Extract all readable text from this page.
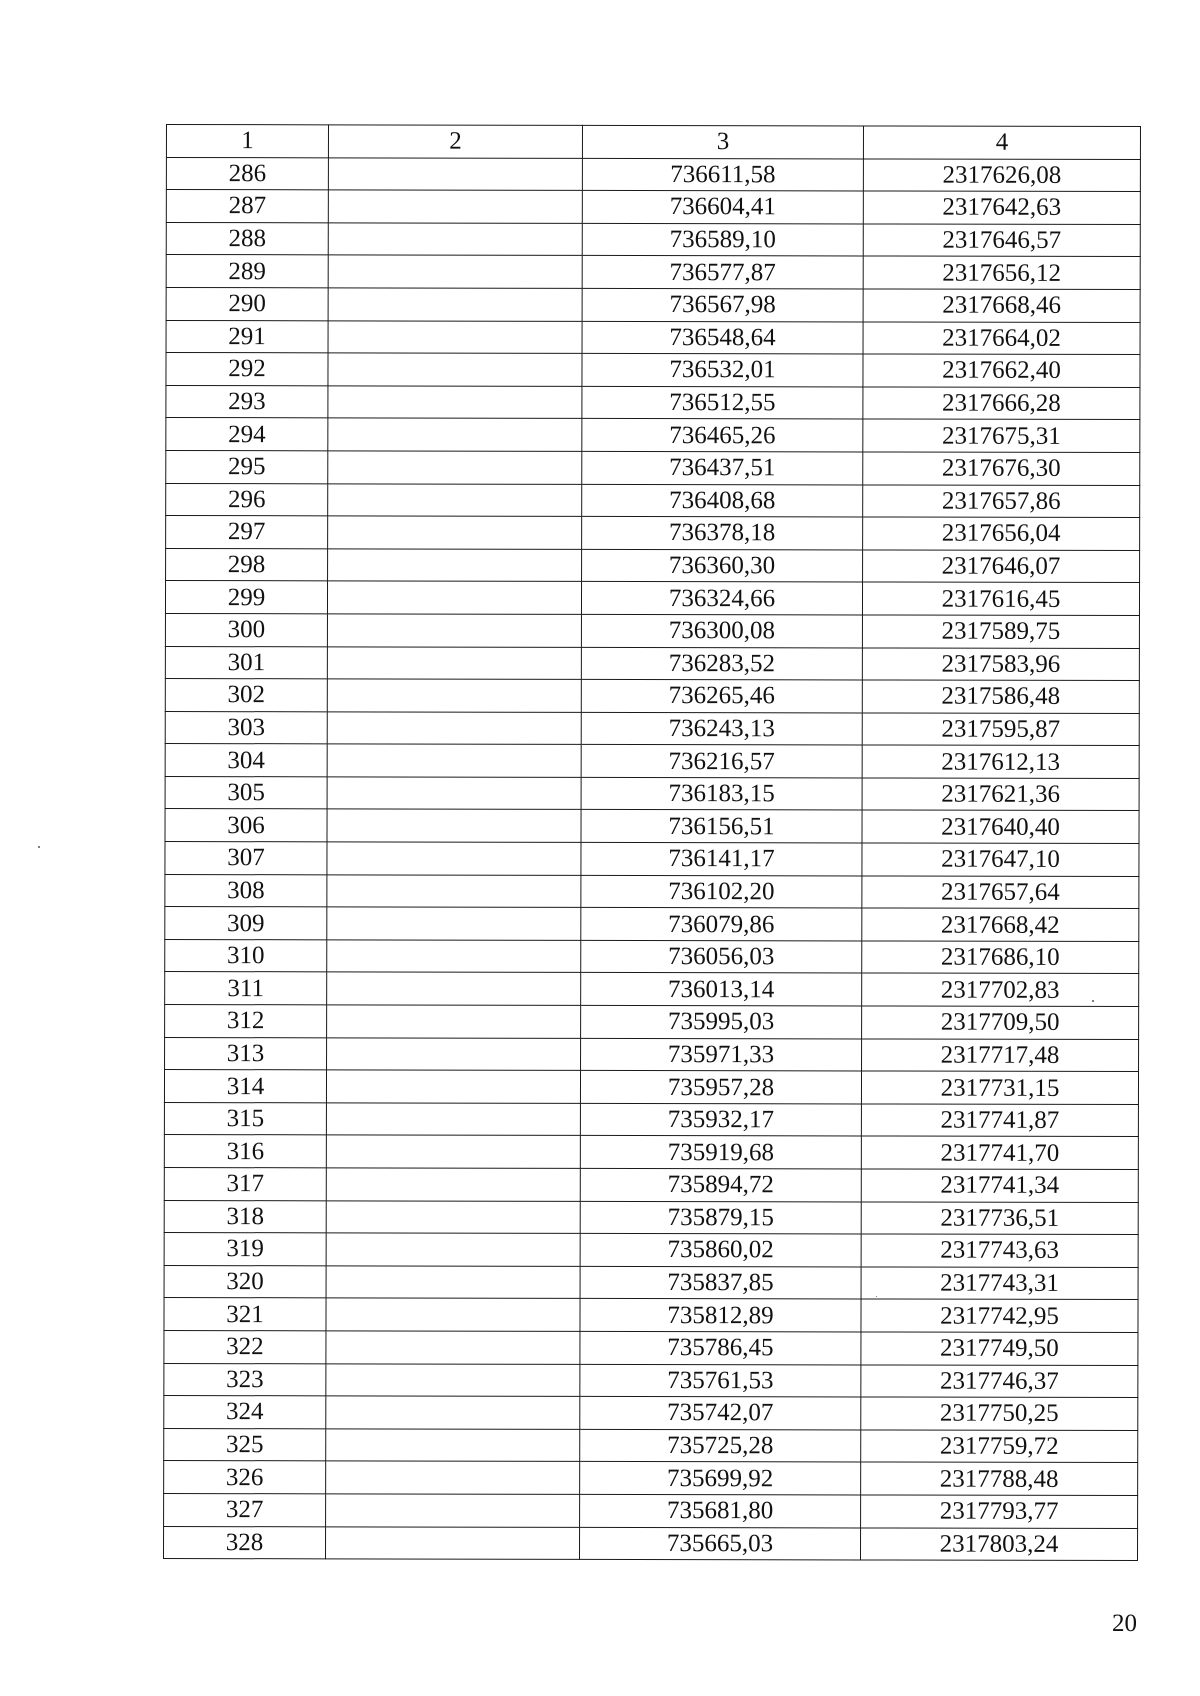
1	2	3	4
286		736611,58	2317626,08
287		736604,41	2317642,63
288		736589,10	2317646,57
289		736577,87	2317656,12
290		736567,98	2317668,46
291		736548,64	2317664,02
292		736532,01	2317662,40
293		736512,55	2317666,28
294		736465,26	2317675,31
295		736437,51	2317676,30
296		736408,68	2317657,86
297		736378,18	2317656,04
298		736360,30	2317646,07
299		736324,66	2317616,45
300		736300,08	2317589,75
301		736283,52	2317583,96
302		736265,46	2317586,48
303		736243,13	2317595,87
304		736216,57	2317612,13
305		736183,15	2317621,36
306		736156,51	2317640,40
307		736141,17	2317647,10
308		736102,20	2317657,64
309		736079,86	2317668,42
310		736056,03	2317686,10
311		736013,14	2317702,83
312		735995,03	2317709,50
313		735971,33	2317717,48
314		735957,28	2317731,15
315		735932,17	2317741,87
316		735919,68	2317741,70
317		735894,72	2317741,34
318		735879,15	2317736,51
319		735860,02	2317743,63
320		735837,85	2317743,31
321		735812,89	2317742,95
322		735786,45	2317749,50
323		735761,53	2317746,37
324		735742,07	2317750,25
325		735725,28	2317759,72
326		735699,92	2317788,48
327		735681,80	2317793,77
328		735665,03	2317803,24
20
